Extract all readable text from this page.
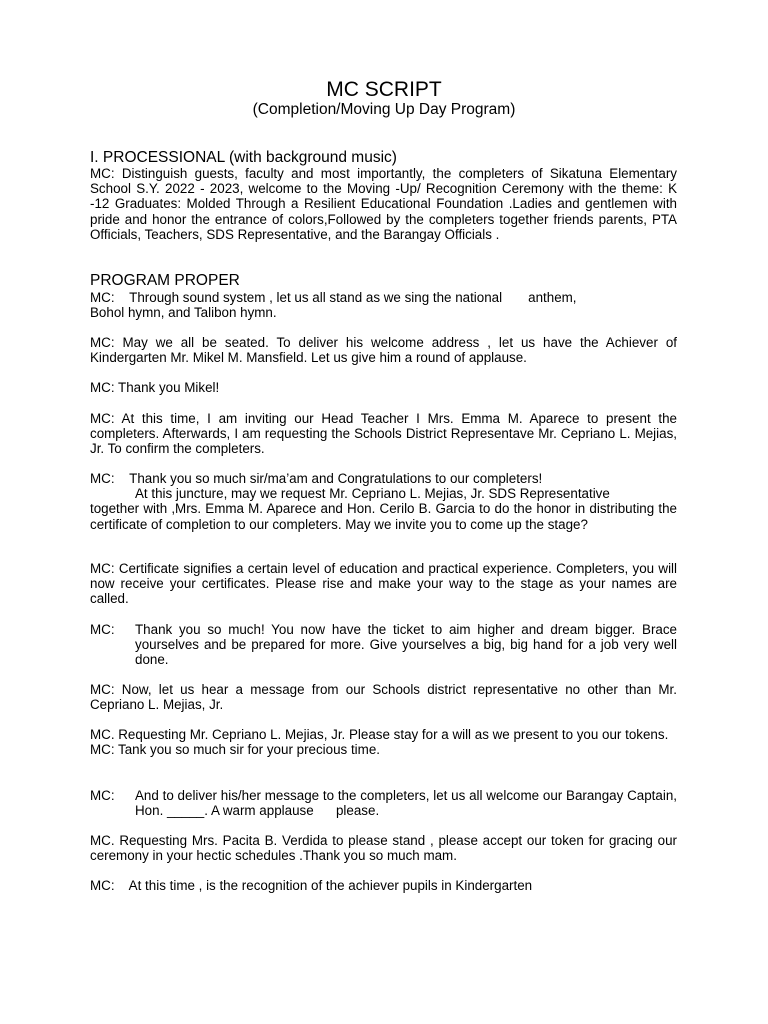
MC SCRIPT
(Completion/Moving Up Day Program)
I. PROCESSIONAL (with background music)

MC: Distinguish guests, faculty and most importantly, the completers of Sikatuna Elementary School S.Y. 2022 - 2023, welcome to the Moving -Up/ Recognition Ceremony with the theme: K -12 Graduates: Molded Through a Resilient Educational Foundation .Ladies and gentlemen with pride and honor the entrance of colors,Followed by the completers together friends parents, PTA Officials, Teachers, SDS Representative, and the Barangay Officials .

PROGRAM PROPER
MC:    Through sound system , let us all stand as we sing the national       anthem,
Bohol hymn, and Talibon hymn.

MC: May we all be seated. To deliver his welcome address , let us have the Achiever of Kindergarten Mr. Mikel M. Mansfield. Let us give him a round of applause.

MC: Thank you Mikel!

MC: At this time, I am inviting our Head Teacher I Mrs. Emma M. Aparece to present the completers. Afterwards, I am requesting the Schools District Representave Mr. Cepriano L. Mejias, Jr. To confirm the completers.

MC:    Thank you so much sir/ma’am and Congratulations to our completers!
At this juncture, may we request Mr. Cepriano L. Mejias, Jr. SDS Representative
together with ,Mrs. Emma M. Aparece and Hon. Cerilo B. Garcia to do the honor in distributing the certificate of completion to our completers. May we invite you to come up the stage?

MC: Certificate signifies a certain level of education and practical experience. Completers, you will now receive your certificates. Please rise and make your way to the stage as your names are called.

MC:	Thank you so much! You now have the ticket to aim higher and dream bigger. Brace yourselves and be prepared for more. Give yourselves a big, big hand for a job very well done.

MC: Now, let us hear a message from our Schools district representative no other than Mr. Cepriano L. Mejias, Jr.

MC. Requesting Mr. Cepriano L. Mejias, Jr. Please stay for a will as we present to you our tokens.
MC: Tank you so much sir for your precious time.
MC:	And to deliver his/her message to the completers, let us all welcome our Barangay Captain, Hon. _____. A warm applause      please.

MC. Requesting Mrs. Pacita B. Verdida to please stand , please accept our token for gracing our ceremony in your hectic schedules .Thank you so much mam.

MC:    At this time , is the recognition of the achiever pupils in Kindergarten
